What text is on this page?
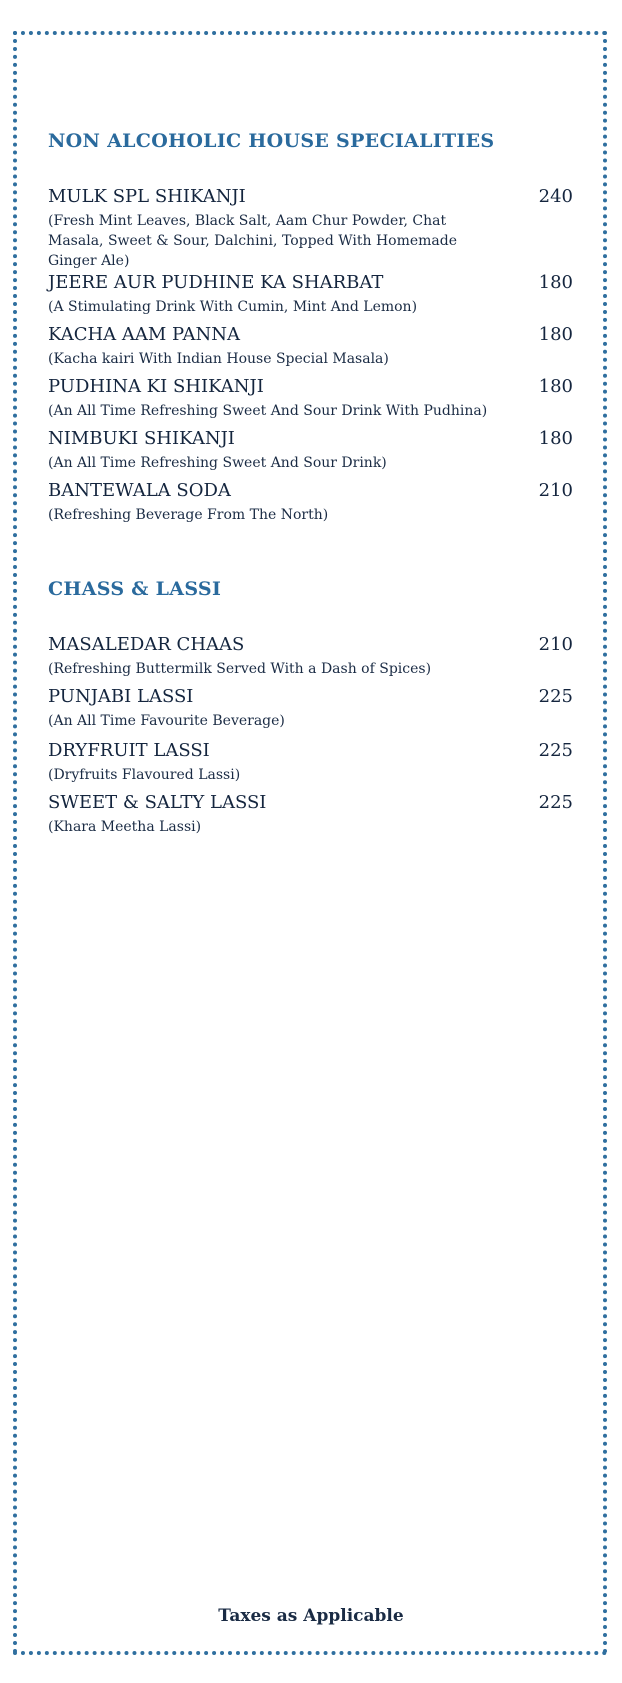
NON ALCOHOLIC HOUSE SPECIALITIES
MULK SPL SHIKANJI	240
(Fresh Mint Leaves, Black Salt, Aam Chur Powder, Chat Masala, Sweet & Sour, Dalchini, Topped With Homemade Ginger Ale)
JEERE AUR PUDHINE KA SHARBAT	180
(A Stimulating Drink With Cumin, Mint And Lemon)
KACHA AAM PANNA	180
(Kacha kairi With Indian House Special Masala)
PUDHINA KI SHIKANJI	180
(An All Time Refreshing Sweet And Sour Drink With Pudhina)
NIMBUKI SHIKANJI	180
(An All Time Refreshing Sweet And Sour Drink)
BANTEWALA SODA	210
(Refreshing Beverage From The North)
CHASS & LASSI
MASALEDAR CHAAS	210
(Refreshing Buttermilk Served With a Dash of Spices)
PUNJABI LASSI	225
(An All Time Favourite Beverage)
DRYFRUIT LASSI	225
(Dryfruits Flavoured Lassi)
SWEET & SALTY LASSI	225
(Khara Meetha Lassi)
Taxes as Applicable
